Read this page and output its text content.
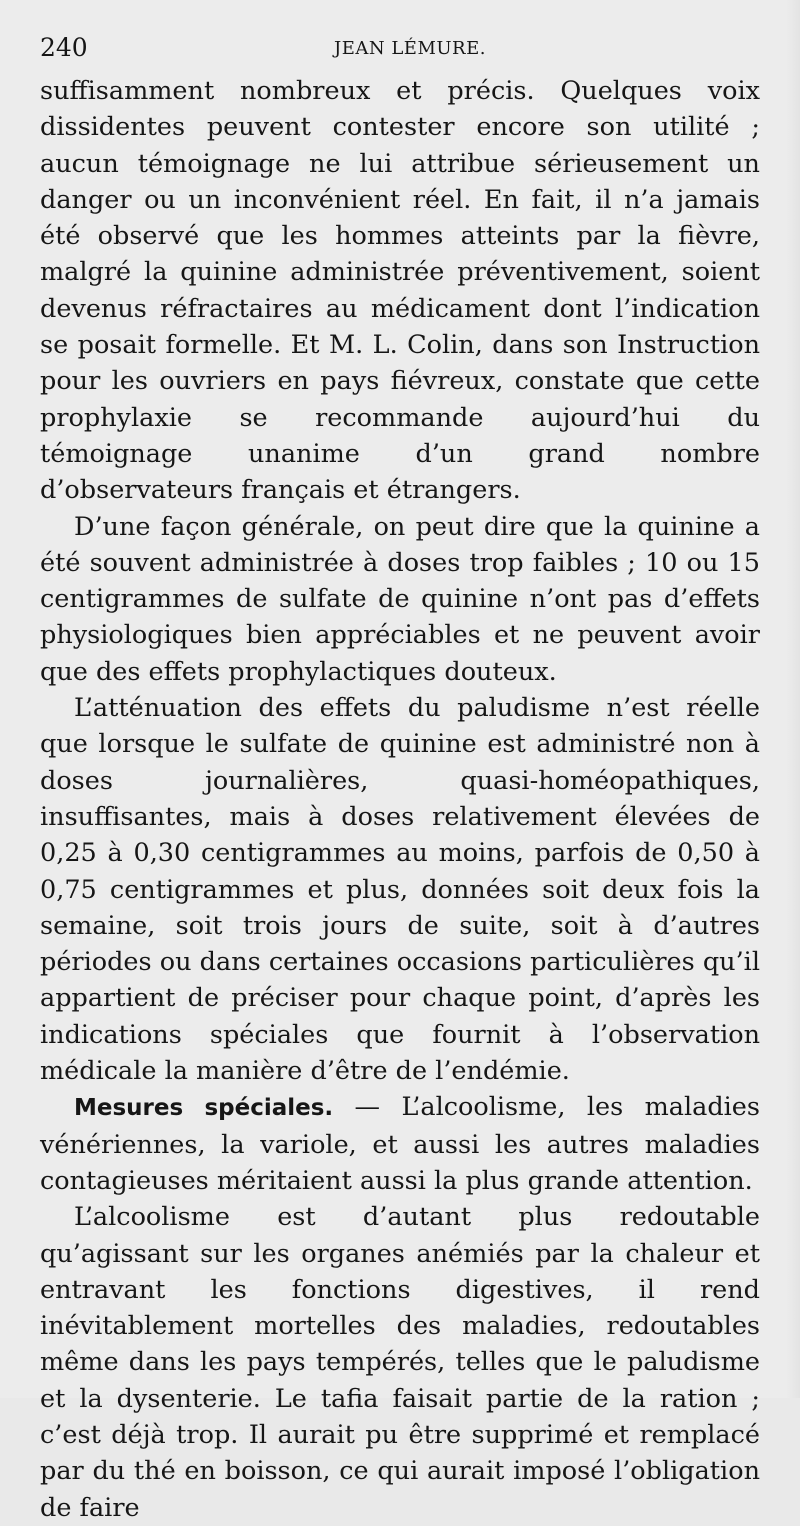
240	JEAN LÉMURE.

suffisamment nombreux et précis. Quelques voix dissidentes peuvent contester encore son utilité ; aucun témoignage ne lui attribue sérieusement un danger ou un inconvénient réel. En fait, il n’a jamais été observé que les hommes atteints par la fièvre, malgré la quinine administrée préventivement, soient devenus réfractaires au médicament dont l’indication se posait formelle. Et M. L. Colin, dans son Instruction pour les ouvriers en pays fiévreux, constate que cette prophylaxie se recommande aujourd’hui du témoignage unanime d’un grand nombre d’observateurs français et étrangers.

D’une façon générale, on peut dire que la quinine a été souvent administrée à doses trop faibles ; 10 ou 15 centigrammes de sulfate de quinine n’ont pas d’effets physiologiques bien appréciables et ne peuvent avoir que des effets prophylactiques douteux.

L’atténuation des effets du paludisme n’est réelle que lorsque le sulfate de quinine est administré non à doses journalières, quasi-homéopathiques, insuffisantes, mais à doses relativement élevées de 0,25 à 0,30 centigrammes au moins, parfois de 0,50 à 0,75 centigrammes et plus, données soit deux fois la semaine, soit trois jours de suite, soit à d’autres périodes ou dans certaines occasions particulières qu’il appartient de préciser pour chaque point, d’après les indications spéciales que fournit à l’observation médicale la manière d’être de l’endémie.

Mesures spéciales. — L’alcoolisme, les maladies vénériennes, la variole, et aussi les autres maladies contagieuses méritaient aussi la plus grande attention.

L’alcoolisme est d’autant plus redoutable qu’agissant sur les organes anémiés par la chaleur et entravant les fonctions digestives, il rend inévitablement mortelles des maladies, redoutables même dans les pays tempérés, telles que le paludisme et la dysenterie. Le tafia faisait partie de la ration ; c’est déjà trop. Il aurait pu être supprimé et remplacé par du thé en boisson, ce qui aurait imposé l’obligation de faire
